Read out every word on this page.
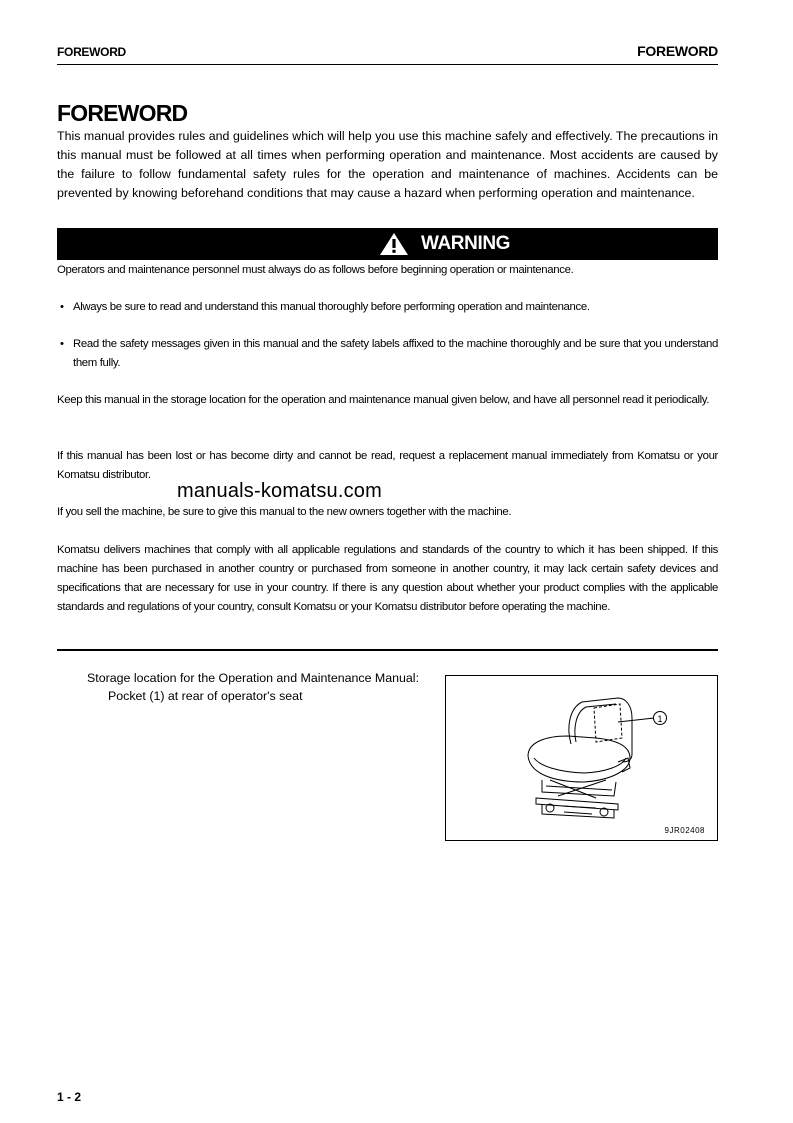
FOREWORD	FOREWORD
FOREWORD
This manual provides rules and guidelines which will help you use this machine safely and effectively. The precautions in this manual must be followed at all times when performing operation and maintenance. Most accidents are caused by the failure to follow fundamental safety rules for the operation and maintenance of machines. Accidents can be prevented by knowing beforehand conditions that may cause a hazard when performing operation and maintenance.
WARNING
Operators and maintenance personnel must always do as follows before beginning operation or maintenance.
• Always be sure to read and understand this manual thoroughly before performing operation and maintenance.
• Read the safety messages given in this manual and the safety labels affixed to the machine thoroughly and be sure that you understand them fully.
Keep this manual in the storage location for the operation and maintenance manual given below, and have all personnel read it periodically.
If this manual has been lost or has become dirty and cannot be read, request a replacement manual immediately from Komatsu or your Komatsu distributor.
manuals-komatsu.com
If you sell the machine, be sure to give this manual to the new owners together with the machine.
Komatsu delivers machines that comply with all applicable regulations and standards of the country to which it has been shipped. If this machine has been purchased in another country or purchased from someone in another country, it may lack certain safety devices and specifications that are necessary for use in your country. If there is any question about whether your product complies with the applicable standards and regulations of your country, consult Komatsu or your Komatsu distributor before operating the machine.
Storage location for the Operation and Maintenance Manual:
Pocket (1) at rear of operator's seat
1
9JR02408
1 - 2
